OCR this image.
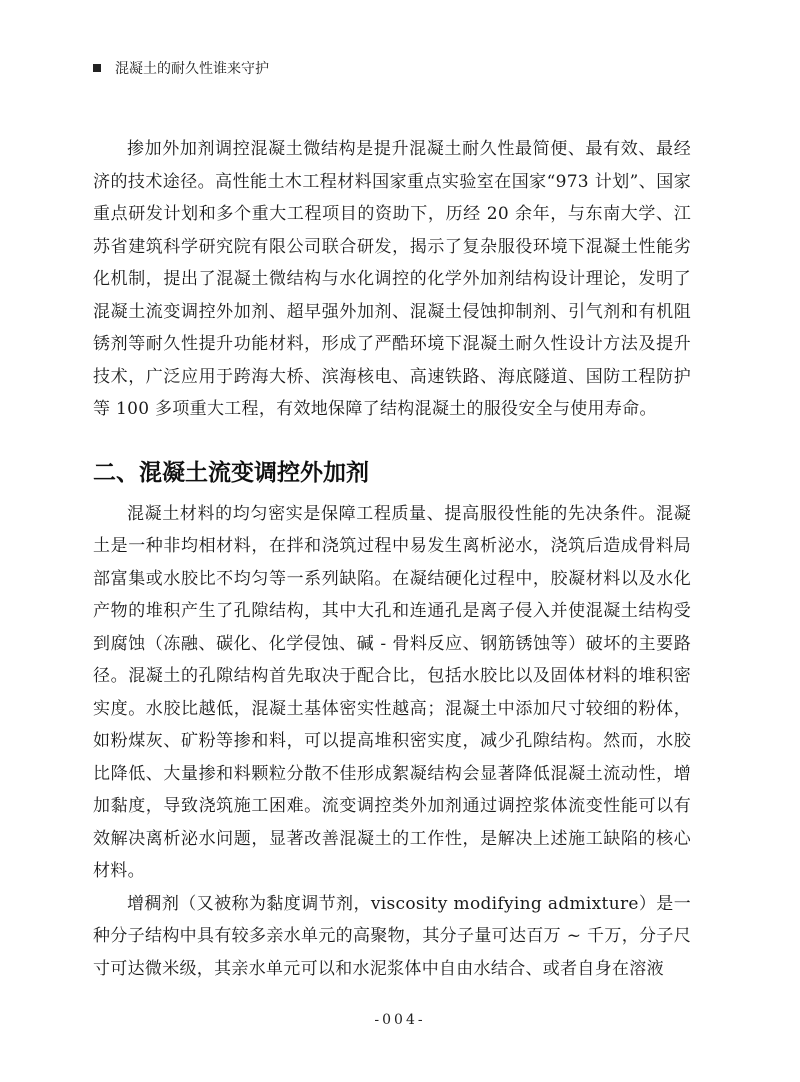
混凝土的耐久性谁来守护

掺加外加剂调控混凝土微结构是提升混凝土耐久性最简便、最有效、最经济的技术途径。高性能土木工程材料国家重点实验室在国家“973 计划”、国家重点研发计划和多个重大工程项目的资助下，历经 20 余年，与东南大学、江苏省建筑科学研究院有限公司联合研发，揭示了复杂服役环境下混凝土性能劣化机制，提出了混凝土微结构与水化调控的化学外加剂结构设计理论，发明了混凝土流变调控外加剂、超早强外加剂、混凝土侵蚀抑制剂、引气剂和有机阻锈剂等耐久性提升功能材料，形成了严酷环境下混凝土耐久性设计方法及提升技术，广泛应用于跨海大桥、滨海核电、高速铁路、海底隧道、国防工程防护等 100 多项重大工程，有效地保障了结构混凝土的服役安全与使用寿命。

二、混凝土流变调控外加剂

混凝土材料的均匀密实是保障工程质量、提高服役性能的先决条件。混凝土是一种非均相材料，在拌和浇筑过程中易发生离析泌水，浇筑后造成骨料局部富集或水胶比不均匀等一系列缺陷。在凝结硬化过程中，胶凝材料以及水化产物的堆积产生了孔隙结构，其中大孔和连通孔是离子侵入并使混凝土结构受到腐蚀（冻融、碳化、化学侵蚀、碱 - 骨料反应、钢筋锈蚀等）破坏的主要路径。混凝土的孔隙结构首先取决于配合比，包括水胶比以及固体材料的堆积密实度。水胶比越低，混凝土基体密实性越高；混凝土中添加尺寸较细的粉体，如粉煤灰、矿粉等掺和料，可以提高堆积密实度，减少孔隙结构。然而，水胶比降低、大量掺和料颗粒分散不佳形成絮凝结构会显著降低混凝土流动性，增加黏度，导致浇筑施工困难。流变调控类外加剂通过调控浆体流变性能可以有效解决离析泌水问题，显著改善混凝土的工作性，是解决上述施工缺陷的核心材料。

增稠剂（又被称为黏度调节剂，viscosity modifying admixture）是一种分子结构中具有较多亲水单元的高聚物，其分子量可达百万 ~ 千万，分子尺寸可达微米级，其亲水单元可以和水泥浆体中自由水结合、或者自身在溶液

-004-
